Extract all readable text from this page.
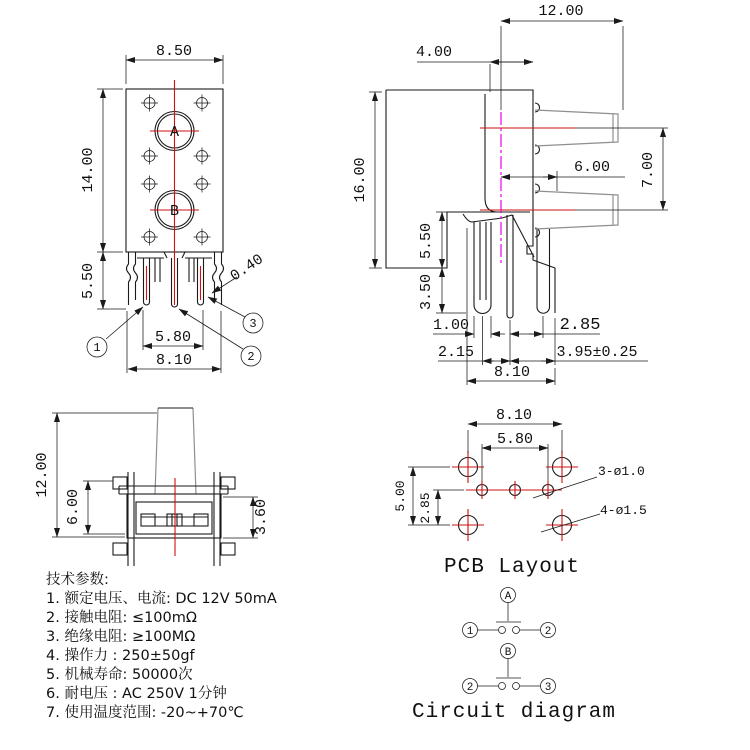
8.50
14.00
5.50	0.40
5.80
8.10
A
B
1
2
3
12.00
4.00
16.00
5.50
3.50
6.00 7.00
1.00	2.85
2.15	3.95±0.25
8.10
12.00
6.00	3.60
8.10
5.80
5.00 2.85
3-ø1.0
4-ø1.5
PCB Layout
A
1	2
B
2	3
Circuit diagram
技术参数:
1. 额定电压、电流: DC 12V 50mA
2. 接触电阻: ≤100mΩ
3. 绝缘电阻: ≥100MΩ
4. 操作力 : 250±50gf
5. 机械寿命: 50000次
6. 耐电压 : AC 250V 1分钟
7. 使用温度范围: -20~+70℃
